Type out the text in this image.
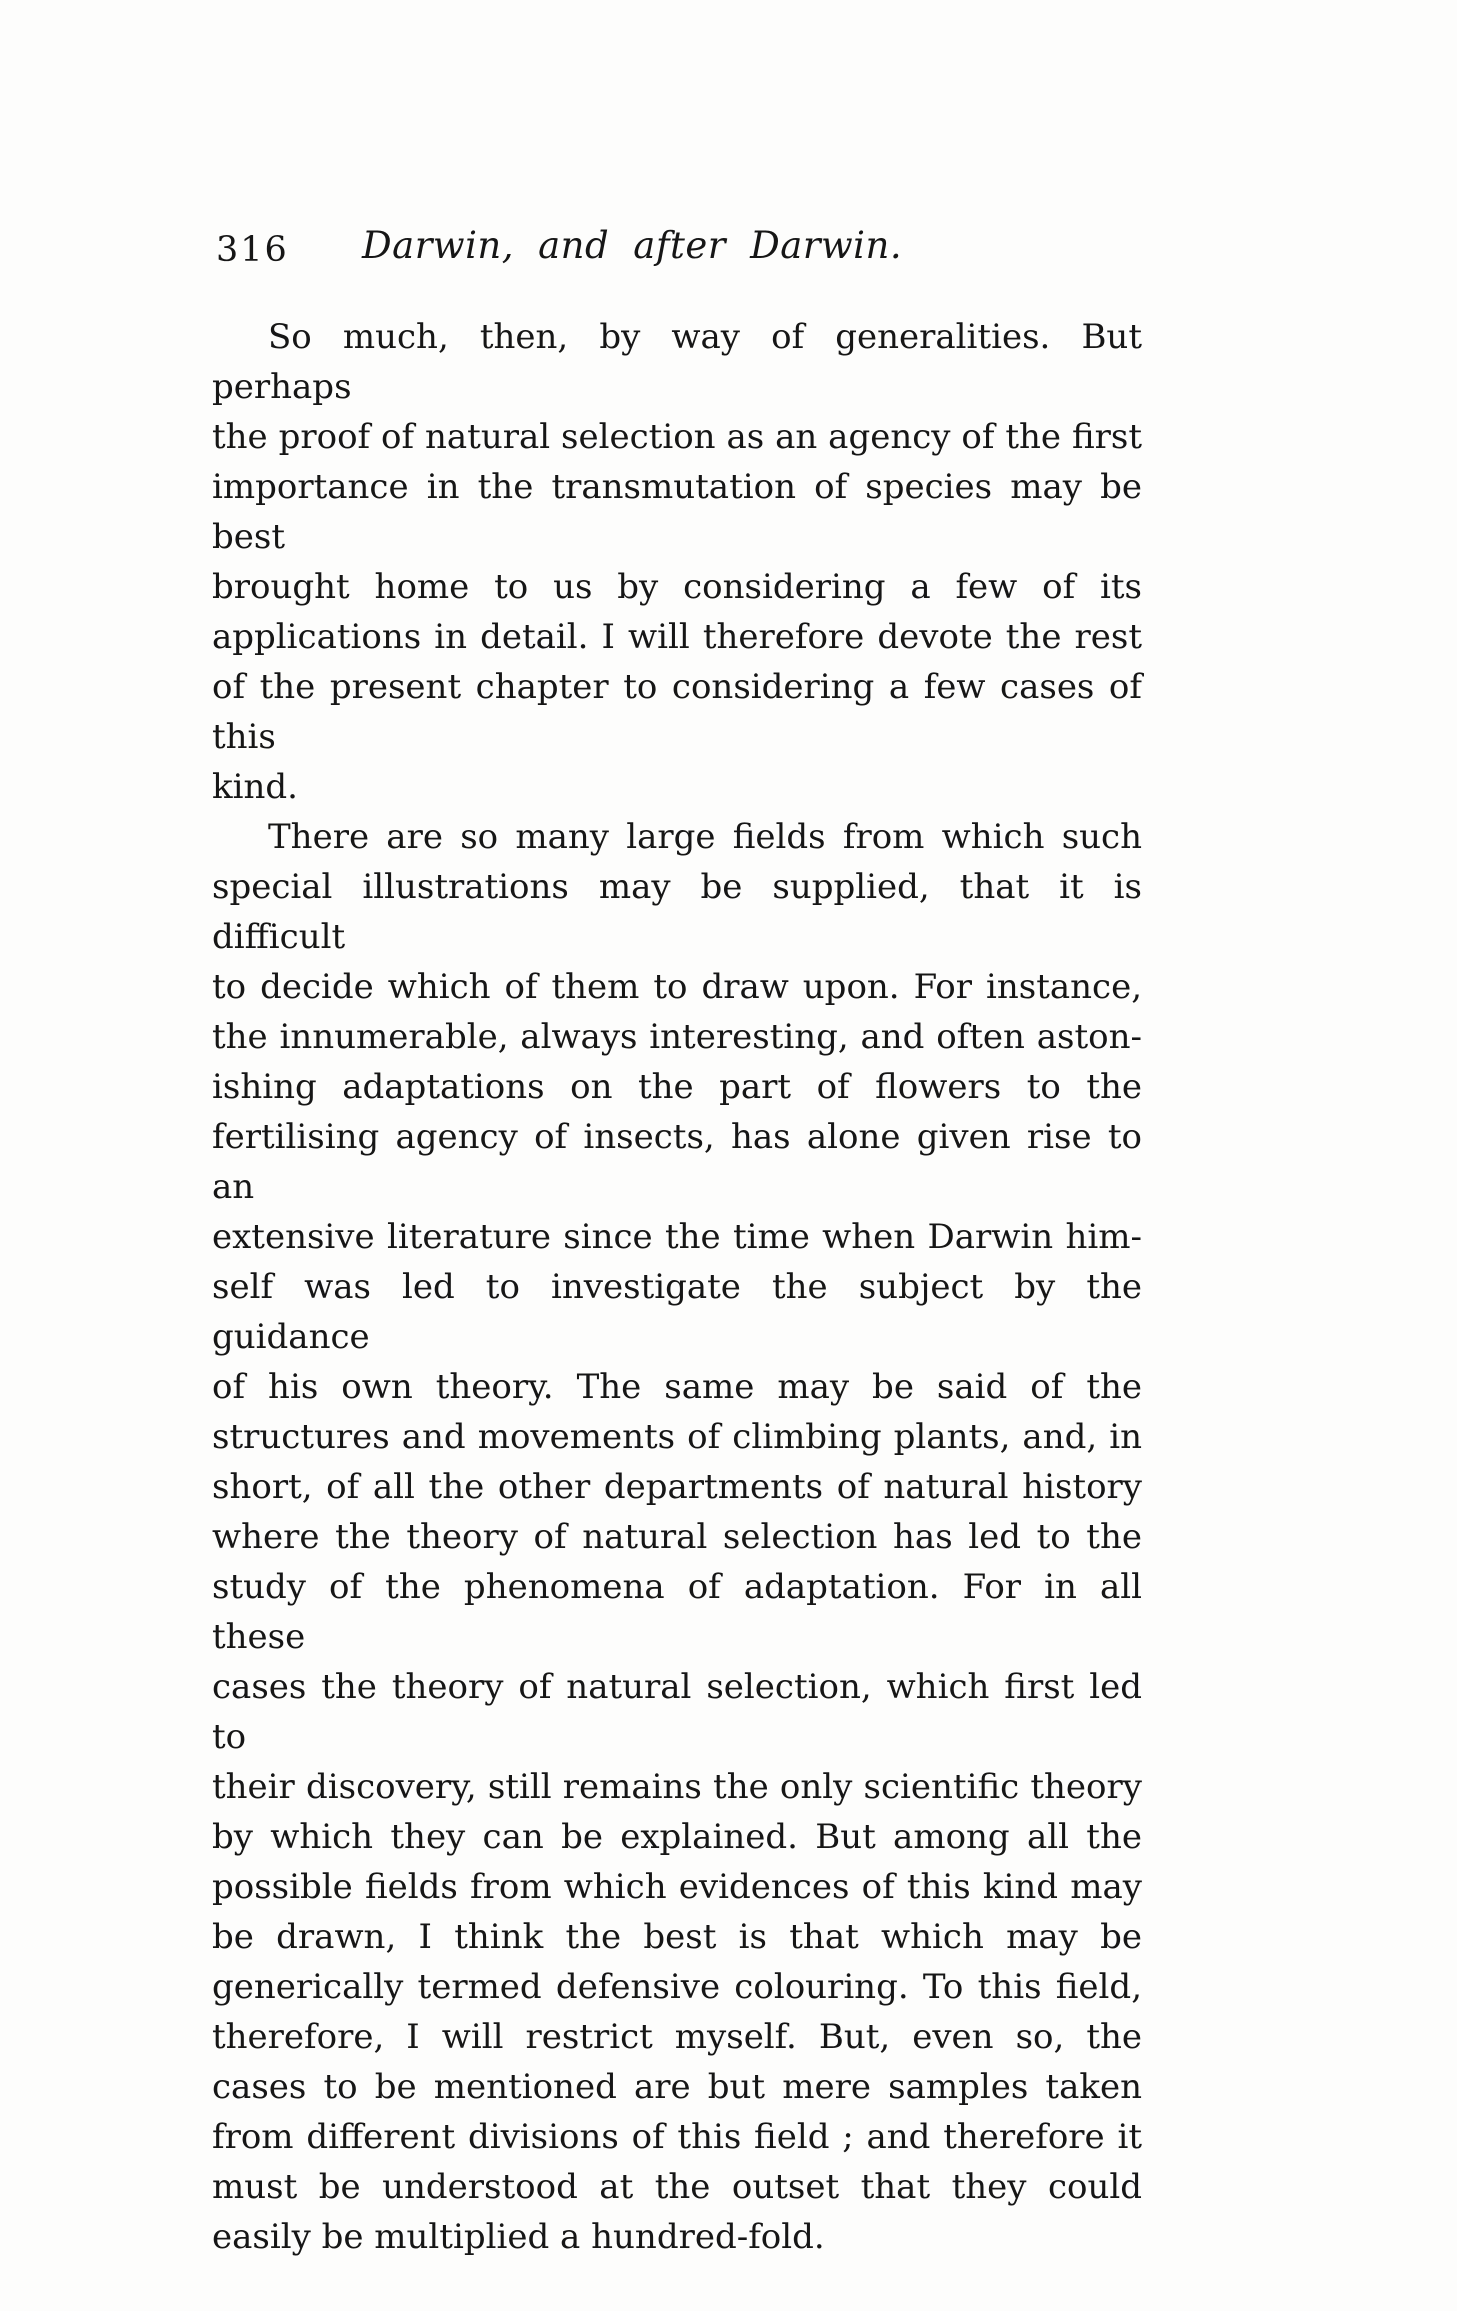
316 Darwin, and after Darwin.
So much, then, by way of generalities. But perhaps
the proof of natural selection as an agency of the first
importance in the transmutation of species may be best
brought home to us by considering a few of its
applications in detail. I will therefore devote the rest
of the present chapter to considering a few cases of this
kind.
There are so many large fields from which such
special illustrations may be supplied, that it is difficult
to decide which of them to draw upon. For instance,
the innumerable, always interesting, and often aston-
ishing adaptations on the part of flowers to the
fertilising agency of insects, has alone given rise to an
extensive literature since the time when Darwin him-
self was led to investigate the subject by the guidance
of his own theory. The same may be said of the
structures and movements of climbing plants, and, in
short, of all the other departments of natural history
where the theory of natural selection has led to the
study of the phenomena of adaptation. For in all these
cases the theory of natural selection, which first led to
their discovery, still remains the only scientific theory
by which they can be explained. But among all the
possible fields from which evidences of this kind may
be drawn, I think the best is that which may be
generically termed defensive colouring. To this field,
therefore, I will restrict myself. But, even so, the
cases to be mentioned are but mere samples taken
from different divisions of this field ; and therefore it
must be understood at the outset that they could
easily be multiplied a hundred-fold.
